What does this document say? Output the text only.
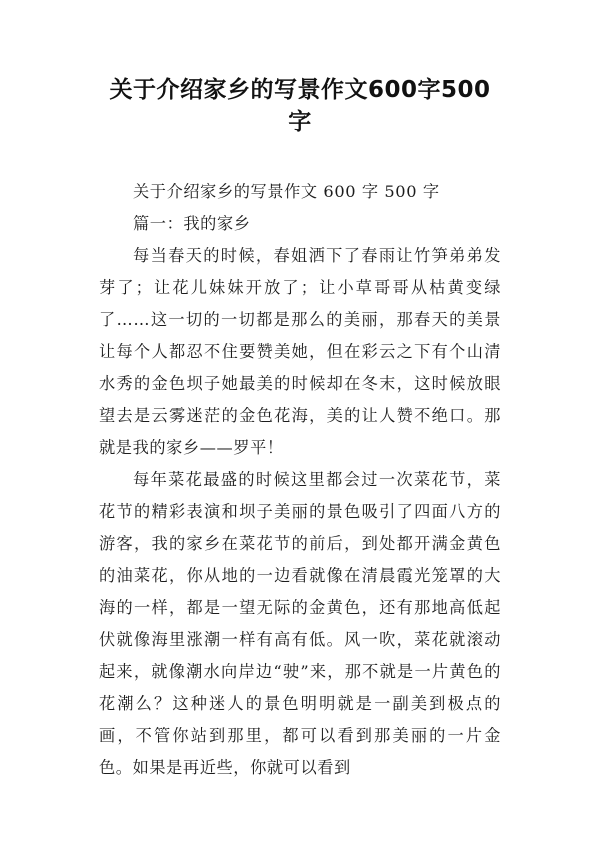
关于介绍家乡的写景作文600字500字

关于介绍家乡的写景作文 600 字 500 字

篇一：我的家乡

每当春天的时候，春姐洒下了春雨让竹笋弟弟发芽了；让花儿妹妹开放了；让小草哥哥从枯黄变绿了……这一切的一切都是那么的美丽，那春天的美景让每个人都忍不住要赞美她，但在彩云之下有个山清水秀的金色坝子她最美的时候却在冬末，这时候放眼望去是云雾迷茫的金色花海，美的让人赞不绝口。那就是我的家乡——罗平！

每年菜花最盛的时候这里都会过一次菜花节，菜花节的精彩表演和坝子美丽的景色吸引了四面八方的游客，我的家乡在菜花节的前后，到处都开满金黄色的油菜花，你从地的一边看就像在清晨霞光笼罩的大海的一样，都是一望无际的金黄色，还有那地高低起伏就像海里涨潮一样有高有低。风一吹，菜花就滚动起来，就像潮水向岸边“驶”来，那不就是一片黄色的花潮么？这种迷人的景色明明就是一副美到极点的画，不管你站到那里，都可以看到那美丽的一片金色。如果是再近些，你就可以看到
